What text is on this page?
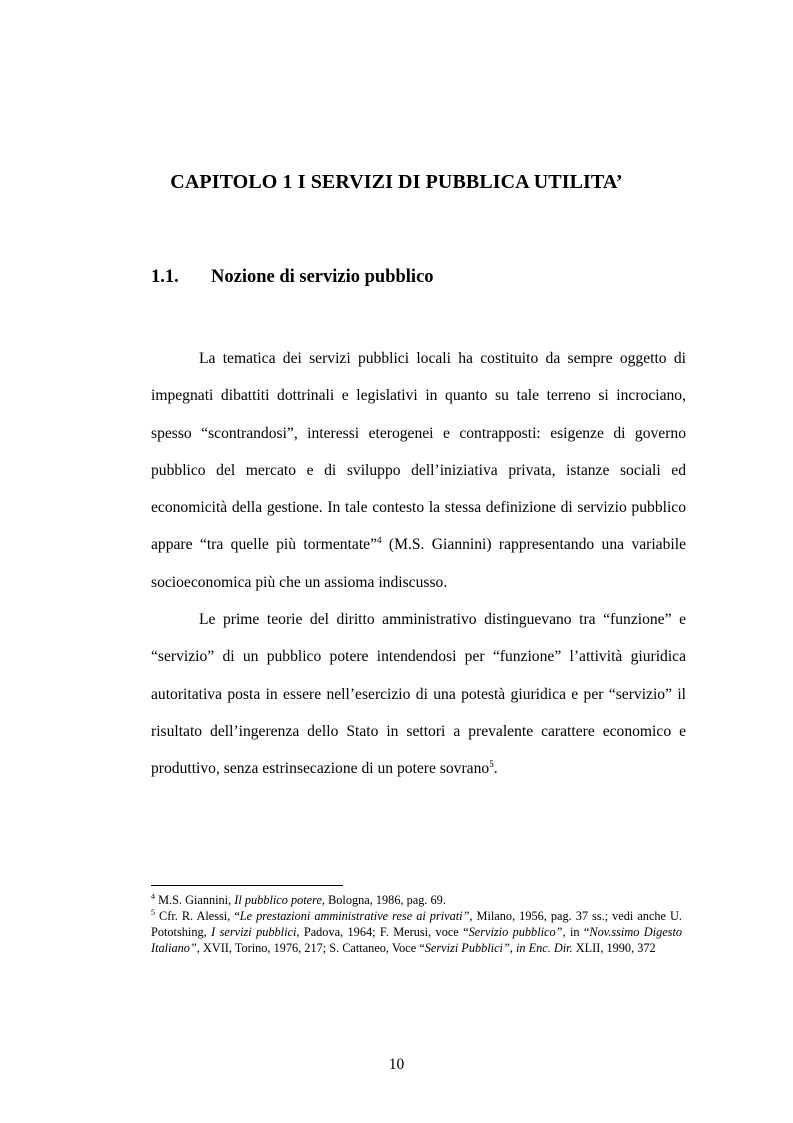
CAPITOLO 1 I SERVIZI DI PUBBLICA UTILITA’
1.1. Nozione di servizio pubblico

La tematica dei servizi pubblici locali ha costituito da sempre oggetto di impegnati dibattiti dottrinali e legislativi in quanto su tale terreno si incrociano, spesso “scontrandosi”, interessi eterogenei e contrapposti: esigenze di governo pubblico del mercato e di sviluppo dell’iniziativa privata, istanze sociali ed economicità della gestione. In tale contesto la stessa definizione di servizio pubblico appare “tra quelle più tormentate”$^4$ (M.S. Giannini) rappresentando una variabile socioeconomica più che un assioma indiscusso.

Le prime teorie del diritto amministrativo distinguevano tra “funzione” e “servizio” di un pubblico potere intendendosi per “funzione” l’attività giuridica autoritativa posta in essere nell’esercizio di una potestà giuridica e per “servizio” il risultato dell’ingerenza dello Stato in settori a prevalente carattere economico e produttivo, senza estrinsecazione di un potere sovrano$^5$.

$^4$ M.S. Giannini, Il pubblico potere, Bologna, 1986, pag. 69.

$^5$ Cfr. R. Alessi, “Le prestazioni amministrative rese ai privati”, Milano, 1956, pag. 37 ss.; vedi anche U. Pototshing, I servizi pubblici, Padova, 1964; F. Merusi, voce “Servizio pubblico”, in “Nov.ssimo Digesto Italiano”, XVII, Torino, 1976, 217; S. Cattaneo, Voce “Servizi Pubblici”, in Enc. Dir. XLII, 1990, 372

10
